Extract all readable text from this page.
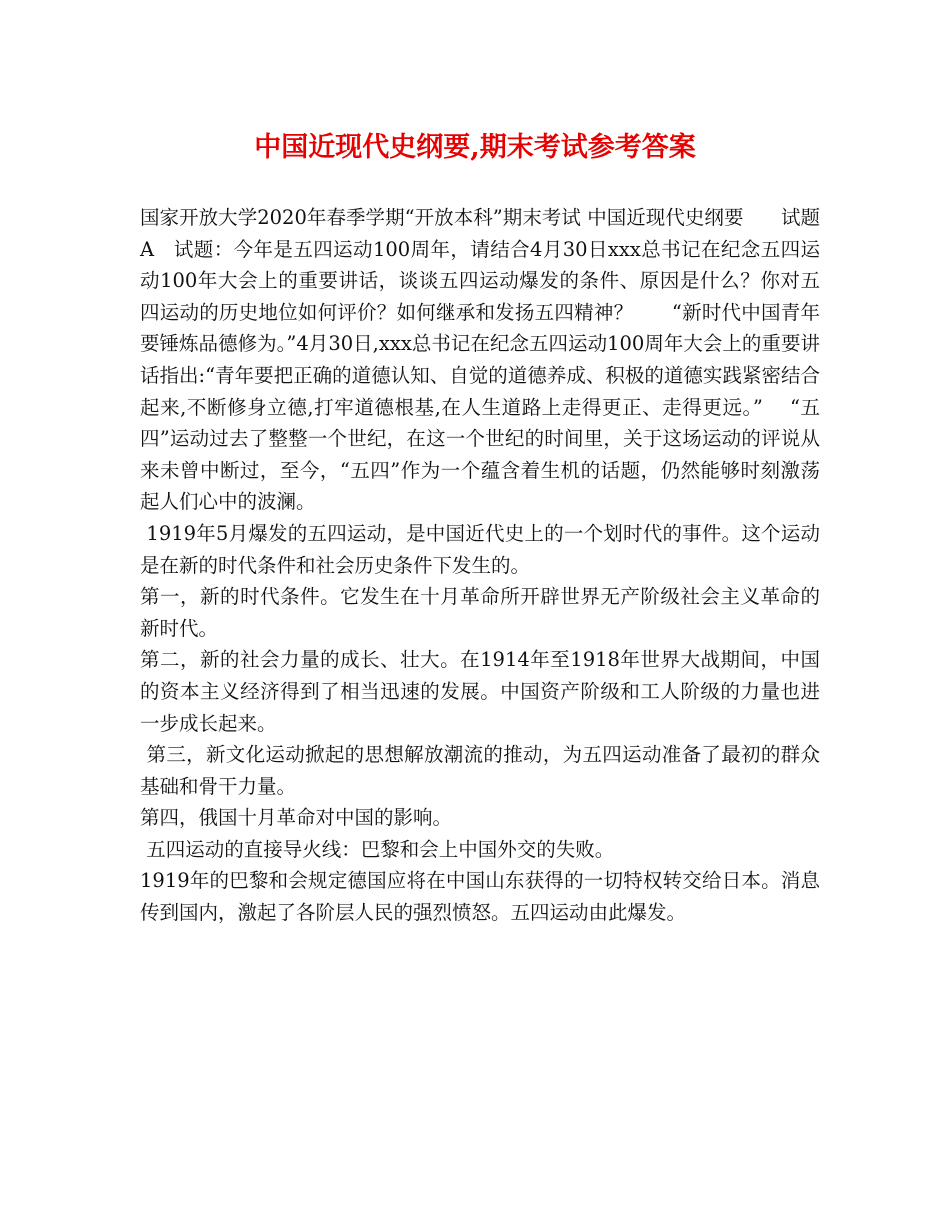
中国近现代史纲要,期末考试参考答案

国家开放大学2020年春季学期“开放本科”期末考试 中国近现代史纲要      试题A   试题：今年是五四运动100周年，请结合4月30日xxx总书记在纪念五四运动100年大会上的重要讲话，谈谈五四运动爆发的条件、原因是什么？你对五四运动的历史地位如何评价？如何继承和发扬五四精神？      “新时代中国青年要锤炼品德修为。”4月30日,xxx总书记在纪念五四运动100周年大会上的重要讲话指出:“青年要把正确的道德认知、自觉的道德养成、积极的道德实践紧密结合起来,不断修身立德,打牢道德根基,在人生道路上走得更正、走得更远。”    “五四”运动过去了整整一个世纪，在这一个世纪的时间里，关于这场运动的评说从来未曾中断过，至今，“五四”作为一个蕴含着生机的话题，仍然能够时刻激荡起人们心中的波澜。

1919年5月爆发的五四运动，是中国近代史上的一个划时代的事件。这个运动是在新的时代条件和社会历史条件下发生的。

第一，新的时代条件。它发生在十月革命所开辟世界无产阶级社会主义革命的新时代。

第二，新的社会力量的成长、壮大。在1914年至1918年世界大战期间，中国的资本主义经济得到了相当迅速的发展。中国资产阶级和工人阶级的力量也进一步成长起来。

第三，新文化运动掀起的思想解放潮流的推动，为五四运动准备了最初的群众基础和骨干力量。

第四，俄国十月革命对中国的影响。

五四运动的直接导火线：巴黎和会上中国外交的失败。

1919年的巴黎和会规定德国应将在中国山东获得的一切特权转交给日本。消息传到国内，激起了各阶层人民的强烈愤怒。五四运动由此爆发。
